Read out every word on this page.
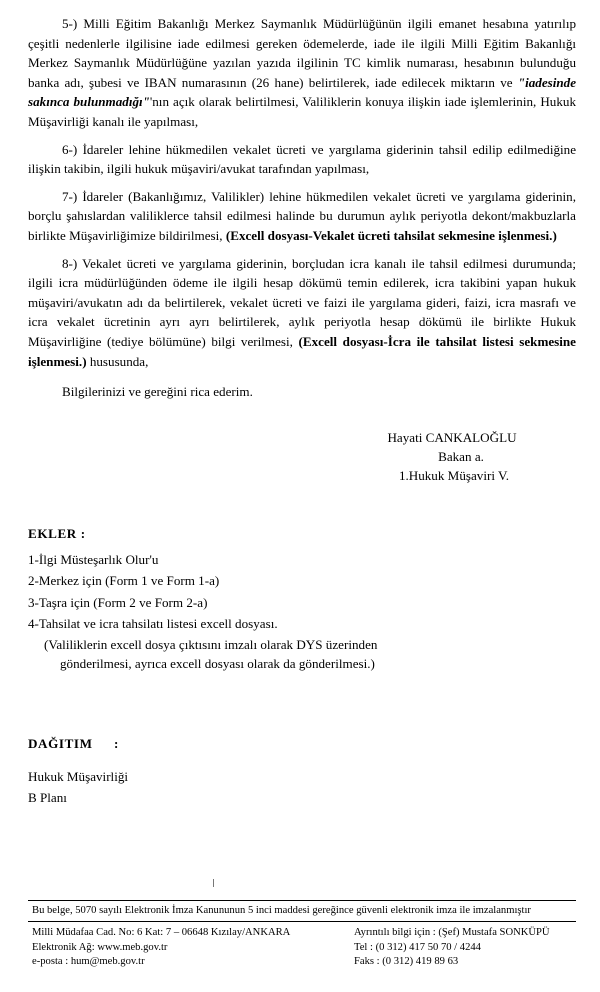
5-) Milli Eğitim Bakanlığı Merkez Saymanlık Müdürlüğünün ilgili emanet hesabına yatırılıp çeşitli nedenlerle ilgilisine iade edilmesi gereken ödemelerde, iade ile ilgili Milli Eğitim Bakanlığı Merkez Saymanlık Müdürlüğüne yazılan yazıda ilgilinin TC kimlik numarası, hesabının bulunduğu banka adı, şubesi ve IBAN numarasının (26 hane) belirtilerek, iade edilecek miktarın ve "iadesinde sakınca bulunmadığı"'nın açık olarak belirtilmesi, Valiliklerin konuya ilişkin iade işlemlerinin, Hukuk Müşavirliği kanalı ile yapılması,

6-) İdareler lehine hükmedilen vekalet ücreti ve yargılama giderinin tahsil edilip edilmediğine ilişkin takibin, ilgili hukuk müşaviri/avukat tarafından yapılması,

7-) İdareler (Bakanlığımız, Valilikler) lehine hükmedilen vekalet ücreti ve yargılama giderinin, borçlu şahıslardan valiliklerce tahsil edilmesi halinde bu durumun aylık periyotla dekont/makbuzlarla birlikte Müşavirliğimize bildirilmesi, (Excell dosyası-Vekalet ücreti tahsilat sekmesine işlenmesi.)

8-) Vekalet ücreti ve yargılama giderinin, borçludan icra kanalı ile tahsil edilmesi durumunda; ilgili icra müdürlüğünden ödeme ile ilgili hesap dökümü temin edilerek, icra takibini yapan hukuk müşaviri/avukatın adı da belirtilerek, vekalet ücreti ve faizi ile yargılama gideri, faizi, icra masrafı ve icra vekalet ücretinin ayrı ayrı belirtilerek, aylık periyotla hesap dökümü ile birlikte Hukuk Müşavirliğine (tediye bölümüne) bilgi verilmesi, (Excell dosyası-İcra ile tahsilat listesi sekmesine işlenmesi.) hususunda,

Bilgilerinizi ve gereğini rica ederim.
Hayati CANKALOĞLU
Bakan a.
1.Hukuk Müşaviri V.
EKLER :
1-İlgi Müsteşarlık Olur'u
2-Merkez için (Form 1 ve Form 1-a)
3-Taşra için (Form 2 ve Form 2-a)
4-Tahsilat ve icra tahsilatı listesi excell dosyası.
(Valiliklerin excell dosya çıktısını imzalı olarak DYS üzerinden
gönderilmesi, ayrıca excell dosyası olarak da gönderilmesi.)
DAĞITIM :
Hukuk Müşavirliği
B Planı
Bu belge, 5070 sayılı Elektronik İmza Kanununun 5 inci maddesi gereğince güvenli elektronik imza ile imzalanmıştır
Milli Müdafaa Cad. No: 6 Kat: 7 – 06648 Kızılay/ANKARA
Elektronik Ağ: www.meb.gov.tr
e-posta : hum@meb.gov.tr
Ayrıntılı bilgi için : (Şef) Mustafa SONKÜPÜ
Tel : (0 312) 417 50 70 / 4244
Faks : (0 312) 419 89 63
